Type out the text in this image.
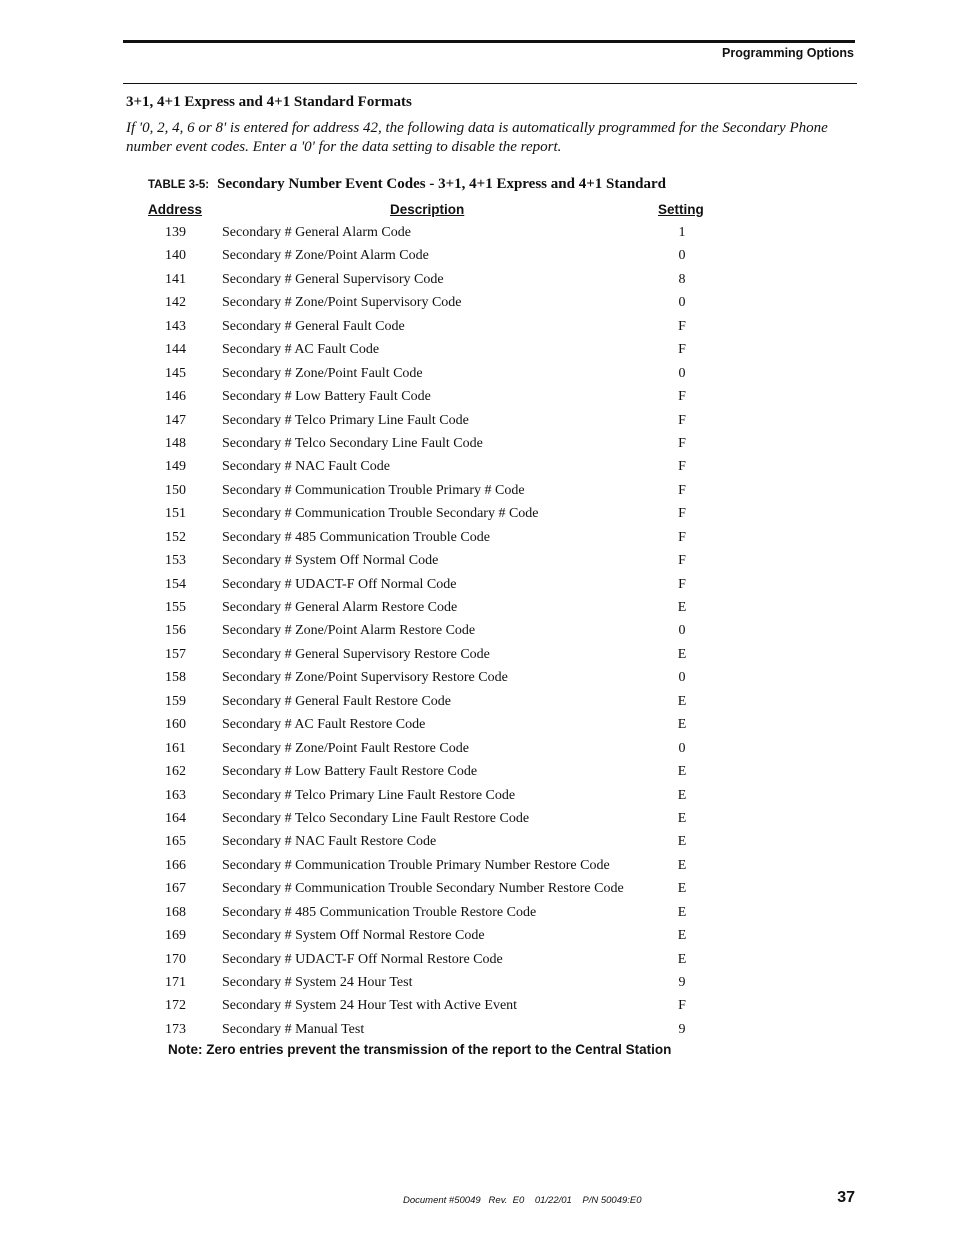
Programming Options
3+1, 4+1 Express and 4+1 Standard Formats
If '0, 2, 4, 6 or 8' is entered for address 42, the following data is automatically programmed for the Secondary Phone number event codes. Enter a '0' for the data setting to disable the report.
TABLE 3-5: Secondary Number Event Codes - 3+1, 4+1 Express and 4+1 Standard
Address	Description	Setting
139	Secondary # General Alarm Code	1
140	Secondary # Zone/Point Alarm Code	0
141	Secondary # General Supervisory Code	8
142	Secondary # Zone/Point Supervisory Code	0
143	Secondary # General Fault Code	F
144	Secondary # AC Fault Code	F
145	Secondary # Zone/Point Fault Code	0
146	Secondary # Low Battery Fault Code	F
147	Secondary # Telco Primary Line Fault Code	F
148	Secondary # Telco Secondary Line Fault Code	F
149	Secondary # NAC Fault Code	F
150	Secondary # Communication Trouble Primary # Code	F
151	Secondary # Communication Trouble Secondary # Code	F
152	Secondary # 485 Communication Trouble Code	F
153	Secondary # System Off Normal Code	F
154	Secondary # UDACT-F Off Normal Code	F
155	Secondary # General Alarm Restore Code	E
156	Secondary # Zone/Point Alarm Restore Code	0
157	Secondary # General Supervisory Restore Code	E
158	Secondary # Zone/Point Supervisory Restore Code	0
159	Secondary # General Fault Restore Code	E
160	Secondary # AC Fault Restore Code	E
161	Secondary # Zone/Point Fault Restore Code	0
162	Secondary # Low Battery Fault Restore Code	E
163	Secondary # Telco Primary Line Fault Restore Code	E
164	Secondary # Telco Secondary Line Fault Restore Code	E
165	Secondary # NAC Fault Restore Code	E
166	Secondary # Communication Trouble Primary Number Restore Code	E
167	Secondary # Communication Trouble Secondary Number Restore Code	E
168	Secondary # 485 Communication Trouble Restore Code	E
169	Secondary # System Off Normal Restore Code	E
170	Secondary # UDACT-F Off Normal Restore Code	E
171	Secondary # System 24 Hour Test	9
172	Secondary # System 24 Hour Test with Active Event	F
173	Secondary # Manual Test	9
Note: Zero entries prevent the transmission of the report to the Central Station
Document #50049   Rev.  E0    01/22/01    P/N 50049:E0	37
